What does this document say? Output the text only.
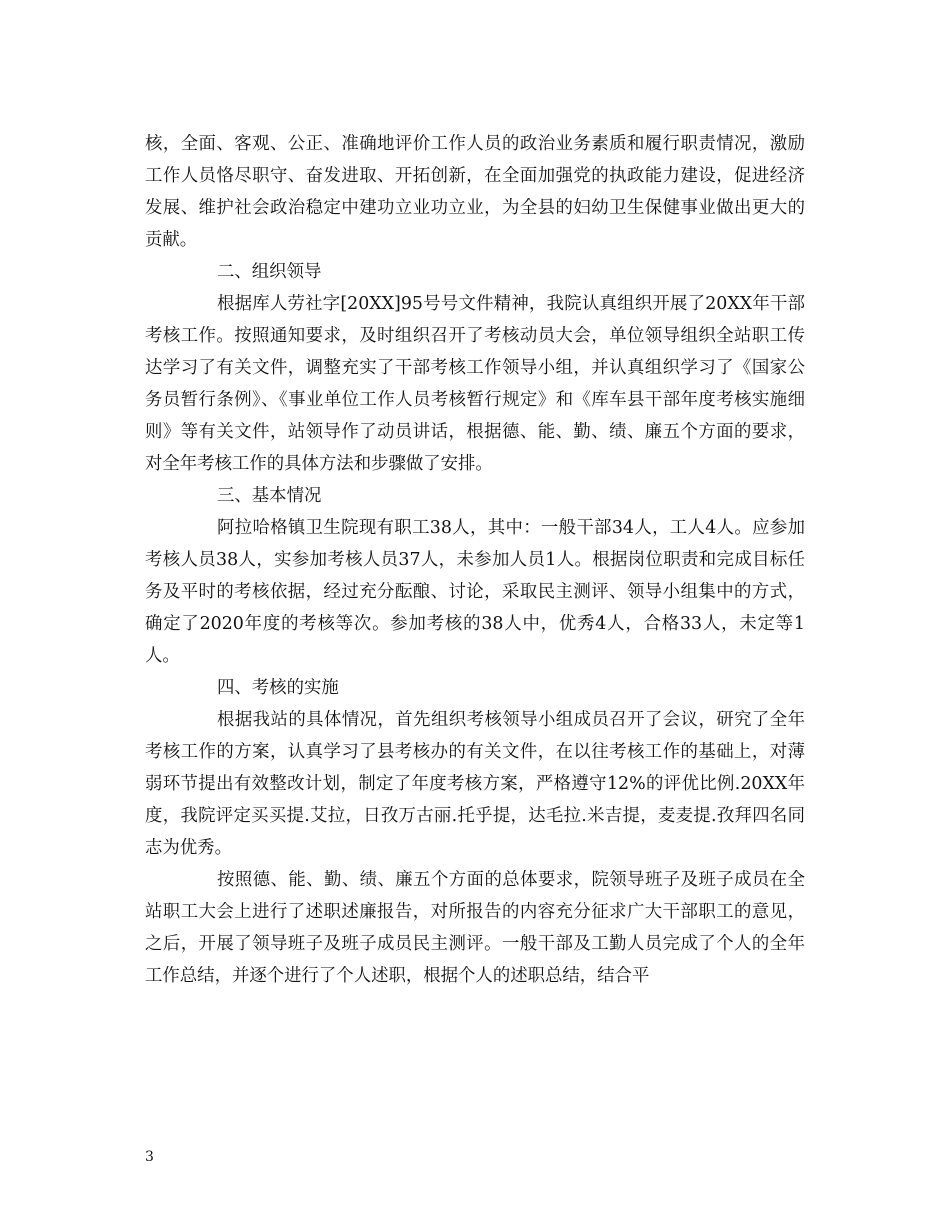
核，全面、客观、公正、准确地评价工作人员的政治业务素质和履行职责情况，激励工作人员恪尽职守、奋发进取、开拓创新，在全面加强党的执政能力建设，促进经济发展、维护社会政治稳定中建功立业功立业，为全县的妇幼卫生保健事业做出更大的贡献。

二、组织领导

根据库人劳社字[20XX]95号号文件精神，我院认真组织开展了20XX年干部考核工作。按照通知要求，及时组织召开了考核动员大会，单位领导组织全站职工传达学习了有关文件，调整充实了干部考核工作领导小组，并认真组织学习了《国家公务员暂行条例》、《事业单位工作人员考核暂行规定》和《库车县干部年度考核实施细则》等有关文件，站领导作了动员讲话，根据德、能、勤、绩、廉五个方面的要求，对全年考核工作的具体方法和步骤做了安排。

三、基本情况

阿拉哈格镇卫生院现有职工38人，其中：一般干部34人，工人4人。应参加考核人员38人，实参加考核人员37人，未参加人员1人。根据岗位职责和完成目标任务及平时的考核依据，经过充分酝酿、讨论，采取民主测评、领导小组集中的方式，确定了2020年度的考核等次。参加考核的38人中，优秀4人，合格33人，未定等1人。

四、考核的实施

根据我站的具体情况，首先组织考核领导小组成员召开了会议，研究了全年考核工作的方案，认真学习了县考核办的有关文件，在以往考核工作的基础上，对薄弱环节提出有效整改计划，制定了年度考核方案，严格遵守12%的评优比例.20XX年度，我院评定买买提.艾拉，日孜万古丽.托乎提，达毛拉.米吉提，麦麦提.孜拜四名同志为优秀。

按照德、能、勤、绩、廉五个方面的总体要求，院领导班子及班子成员在全站职工大会上进行了述职述廉报告，对所报告的内容充分征求广大干部职工的意见，之后，开展了领导班子及班子成员民主测评。一般干部及工勤人员完成了个人的全年工作总结，并逐个进行了个人述职，根据个人的述职总结，结合平

3
